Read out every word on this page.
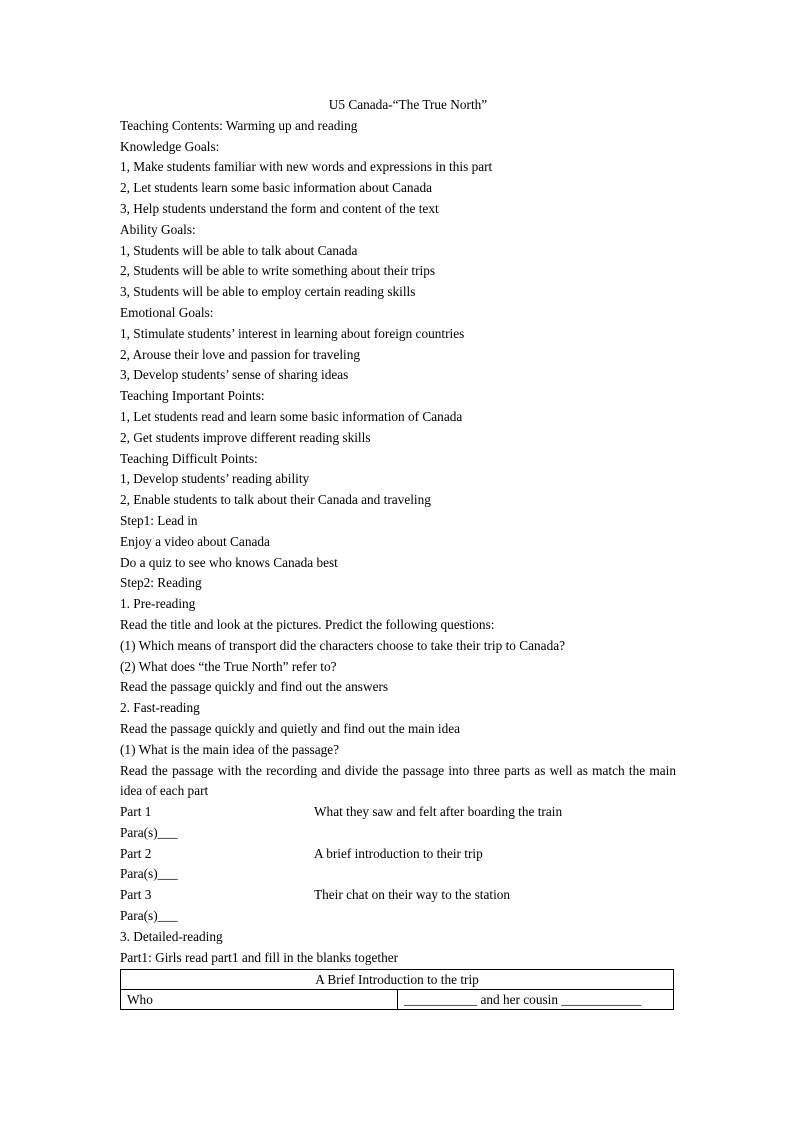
U5 Canada-“The True North”
Teaching Contents: Warming up and reading
Knowledge Goals:
1, Make students familiar with new words and expressions in this part
2, Let students learn some basic information about Canada
3, Help students understand the form and content of the text
Ability Goals:
1, Students will be able to talk about Canada
2, Students will be able to write something about their trips
3, Students will be able to employ certain reading skills
Emotional Goals:
1, Stimulate students’ interest in learning about foreign countries
2, Arouse their love and passion for traveling
3, Develop students’ sense of sharing ideas
Teaching Important Points:
1, Let students read and learn some basic information of Canada
2, Get students improve different reading skills
Teaching Difficult Points:
1, Develop students’ reading ability
2, Enable students to talk about their Canada and traveling
Step1: Lead in
Enjoy a video about Canada
Do a quiz to see who knows Canada best
Step2: Reading
1. Pre-reading
Read the title and look at the pictures. Predict the following questions:
(1) Which means of transport did the characters choose to take their trip to Canada?
(2) What does “the True North” refer to?
Read the passage quickly and find out the answers
2. Fast-reading
Read the passage quickly and quietly and find out the main idea
(1) What is the main idea of the passage?
Read the passage with the recording and divide the passage into three parts as well as match the main idea of each part
Part 1	What they saw and felt after boarding the train
Para(s)___
Part 2	A brief introduction to their trip
Para(s)___
Part 3	Their chat on their way to the station
Para(s)___
3. Detailed-reading
Part1: Girls read part1 and fill in the blanks together
A Brief Introduction to the trip
Who	___________ and her cousin ____________
